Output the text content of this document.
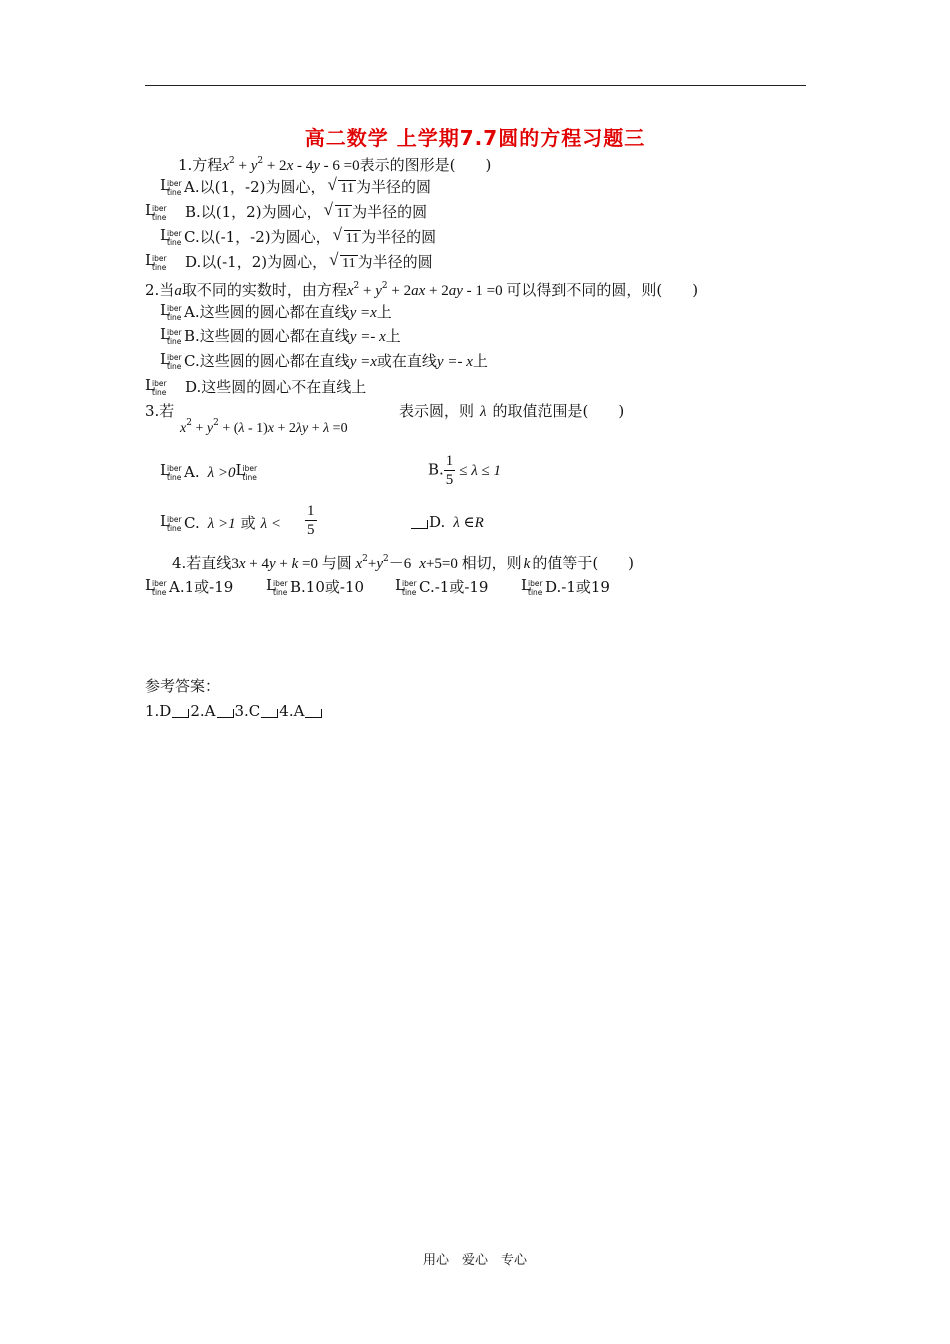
高二数学 上学期7.7圆的方程习题三
1.方程$x^2 + y^2 + 2x - 4y - 6 =0$表示的图形是(　　)
L
iber
tine A.以(1，-2)为圆心， √ 11 为半径的圆
L
iber
tine B.以(1，2)为圆心， √ 11 为半径的圆
L
iber
tine C.以(-1，-2)为圆心， √ 11 为半径的圆
L
iber
tine D.以(-1，2)为圆心， √ 11 为半径的圆
2.当a取不同的实数时，由方程$x^2 + y^2 + 2ax + 2ay - 1 =0$ 可以得到不同的圆，则(　　)
L
iber
tine A.这些圆的圆心都在直线y =x上
L
iber
tine B.这些圆的圆心都在直线y =- x上
L
iber
tine C.这些圆的圆心都在直线y =x或在直线y =- x上
L
iber
tine D.这些圆的圆心不在直线上
3.若
$x^2 + y^2 + (\lambda - 1)x + 2\lambda y + \lambda =0$
表示圆，则 λ 的取值范围是(　　)
L
iber
tine A. λ >0 L
iber
tine	B. $\frac{1}{5} \le \lambda \le 1$
L
iber
tine C. λ >1 或 $\lambda < \frac{1}{5}$	D. λ ∈R
4.若直线3x + 4y + k =0 与圆 $x^2+y^2-6$ x+5=0 相切，则 k 的值等于(　　)
L
iber
tine A.1或-19 L
iber
tine B.10或-10 L
iber
tine C.-1或-19 L
iber
tine D.-1或19
参考答案：
1.D 2.A 3.C 4.A
用心　爱心　专心
